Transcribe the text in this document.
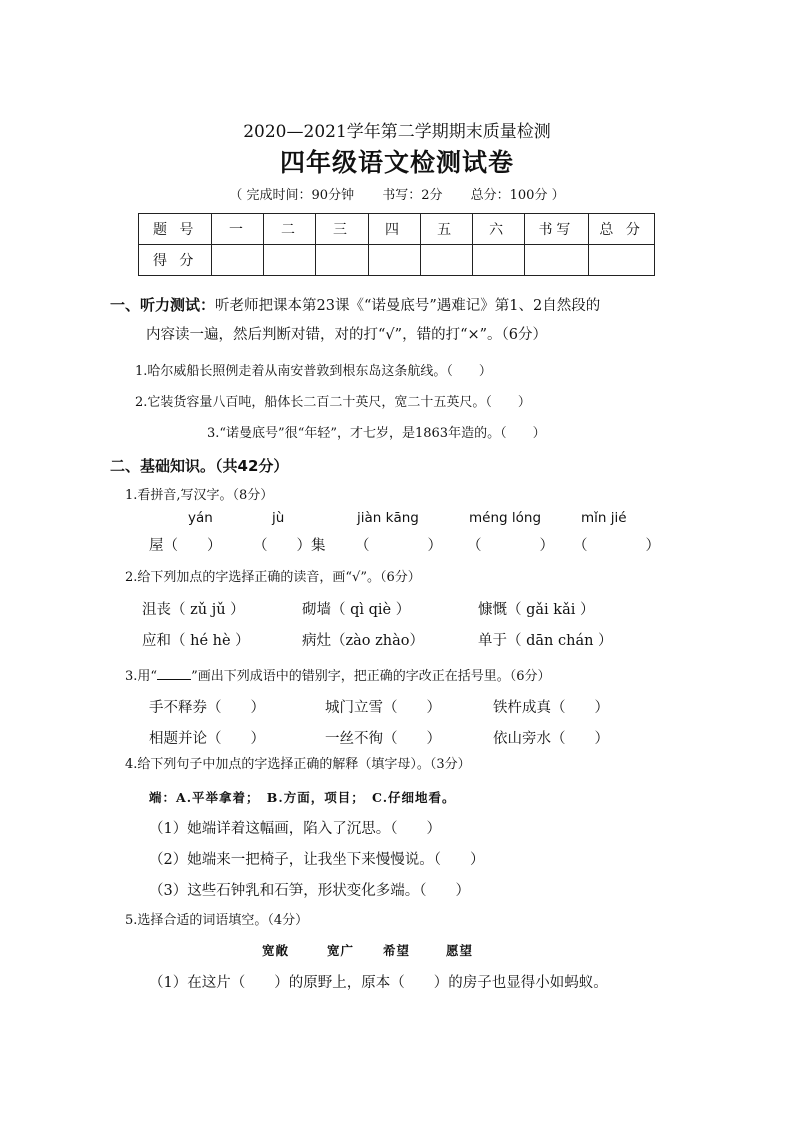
2020—2021学年第二学期期末质量检测
四年级语文检测试卷
（ 完成时间：90分钟 书写：2分 总分：100分 ）
题 号	一	二	三	四	五	六	书写	总 分
得 分								
一、听力测试：听老师把课本第23课《“诺曼底号”遇难记》第1、2自然段的
内容读一遍，然后判断对错，对的打“√”，错的打“×”。（6分）
1.哈尔威船长照例走着从南安普敦到根东岛这条航线。（　　）
2.它装货容量八百吨，船体长二百二十英尺，宽二十五英尺。（　　）
3.“诺曼底号”很“年轻”，才七岁，是1863年造的。（　　）
二、基础知识。（共42分）
1.看拼音,写汉字。（8分）
yán	jù	jiàn kāng	méng lóng	mǐn jié
屋（　　） （　　）集 （　　　　） （　　　　） （　　　　）
2.给下列加点的字选择正确的读音，画“√”。（6分）
沮丧（ zǔ jǔ ）	砌墙（ qì qiè ）	慷慨（ gǎi kǎi ）
应和（ hé hè ）	病灶（zào zhào）	单于（ dān chán ）
3.用“	”画出下列成语中的错别字，把正确的字改正在括号里。（6分）
手不释券（　　）	城门立雪（　　）	铁杵成真（　　）
相题并论（　　）	一丝不徇（　　）	依山旁水（　　）
4.给下列句子中加点的字选择正确的解释（填字母）。（3分）
端：A.平举拿着；　B.方面，项目；　C.仔细地看。
（1）她端详着这幅画，陷入了沉思。（　　）
（2）她端来一把椅子，让我坐下来慢慢说。（　　）
（3）这些石钟乳和石笋，形状变化多端。（　　）
5.选择合适的词语填空。（4分）
宽敞	宽广 希望	愿望
（1）在这片（　　）的原野上，原本（　　）的房子也显得小如蚂蚁。
